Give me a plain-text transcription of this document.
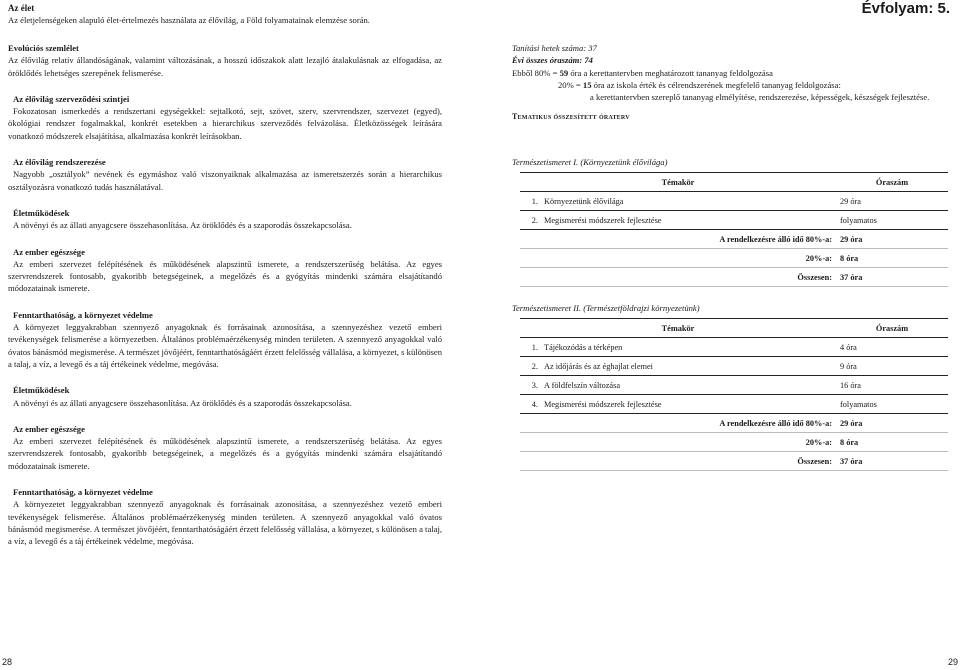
Az élet
Az életjelenségeken alapuló élet-értelmezés használata az élővilág, a Föld folyamatainak elemzése során.
Évfolyam: 5.
Evolúciós szemlélet

Az élővilág relatív állandóságának, valamint változásának, a hosszú időszakok alatt lezajló átalakulásnak az elfogadása, az öröklődés lehetséges szerepének felismerése.

Az élővilág szerveződési szintjei

Fokozatosan ismerkedés a rendszertani egységekkel: sejtalkotó, sejt, szövet, szerv, szervrendszer, szervezet (egyed), ökológiai rendszer fogalmakkal, konkrét esetekben a hierarchikus szerveződés felvázolása. Életközösségek leírására vonatkozó módszerek elsajátítása, alkalmazása konkrét leírásokban.

Az élővilág rendszerezése

Nagyobb „osztályok” nevének és egymáshoz való viszonyaiknak alkalmazása az ismeretszerzés során a hierarchikus osztályozásra vonatkozó tudás használatával.

Életműködések

A növényi és az állati anyagcsere összehasonlítása. Az öröklődés és a szaporodás összekapcsolása.

Az ember egészsége

Az emberi szervezet felépítésének és működésének alapszintű ismerete, a rendszerszerűség belátása. Az egyes szervrendszerek fontosabb, gyakoribb betegségeinek, a megelőzés és a gyógyítás mindenki számára elsajátítandó módozatainak ismerete.

Fenntarthatóság, a környezet védelme

A környezet leggyakrabban szennyező anyagoknak és forrásainak azonosítása, a szennyezéshez vezető emberi tevékenységek felismerése a környezetben. Általános problémaérzékenység minden területen. A szennyező anyagokkal való óvatos bánásmód megismerése. A természet jövőjéért, fenntarthatóságáért érzett felelősség vállalása, a környezet, s különösen a talaj, a víz, a levegő és a táj értékeinek védelme, megóvása.

Életműködések

A növényi és az állati anyagcsere összehasonlítása. Az öröklődés és a szaporodás összekapcsolása.

Az ember egészsége

Az emberi szervezet felépítésének és működésének alapszintű ismerete, a rendszerszerűség belátása. Az egyes szervrendszerek fontosabb, gyakoribb betegségeinek, a megelőzés és a gyógyítás mindenki számára elsajátítandó módozatainak ismerete.

Fenntarthatóság, a környezet védelme

A környezetet leggyakrabban szennyező anyagoknak és forrásainak azonosítása, a szennyezéshez vezető emberi tevékenységek felismerése. Általános problémaérzékenység minden területen. A szennyező anyagokkal való óvatos bánásmód megismerése. A természet jövőjéért, fenntarthatóságáért érzett felelősség vállalása, a környezet, s különösen a talaj, a víz, a levegő és a táj értékeinek védelme, megóvása.

Tanítási hetek száma: 37
Évi összes óraszám: 74
Ebből 80% = 59 óra a kerettantervben meghatározott tananyag feldolgozása
20% = 15 óra az iskola érték és célrendszerének megfelelő tananyag feldolgozása:
a kerettantervben szereplő tananyag elmélyítése, rendszerezése, képességek, készségek fejlesztése.
Tematikus összesített óraterv
Természetismeret I. (Környezetünk élővilága)
Témakör		Óraszám
1.	Környezetünk élővilága	29 óra
2.	Megismerési módszerek fejlesztése	folyamatos
	A rendelkezésre álló idő 80%-a:	29 óra
	20%-a:	8 óra
	Összesen:	37 óra
Természetismeret II. (Természetföldrajzi környezetünk)
Témakör		Óraszám
1.	Tájékozódás a térképen	4 óra
2.	Az időjárás és az éghajlat elemei	9 óra
3.	A földfelszín változása	16 óra
4.	Megismerési módszerek fejlesztése	folyamatos
	A rendelkezésre álló idő 80%-a:	29 óra
	20%-a:	8 óra
	Összesen:	37 óra
28	29
